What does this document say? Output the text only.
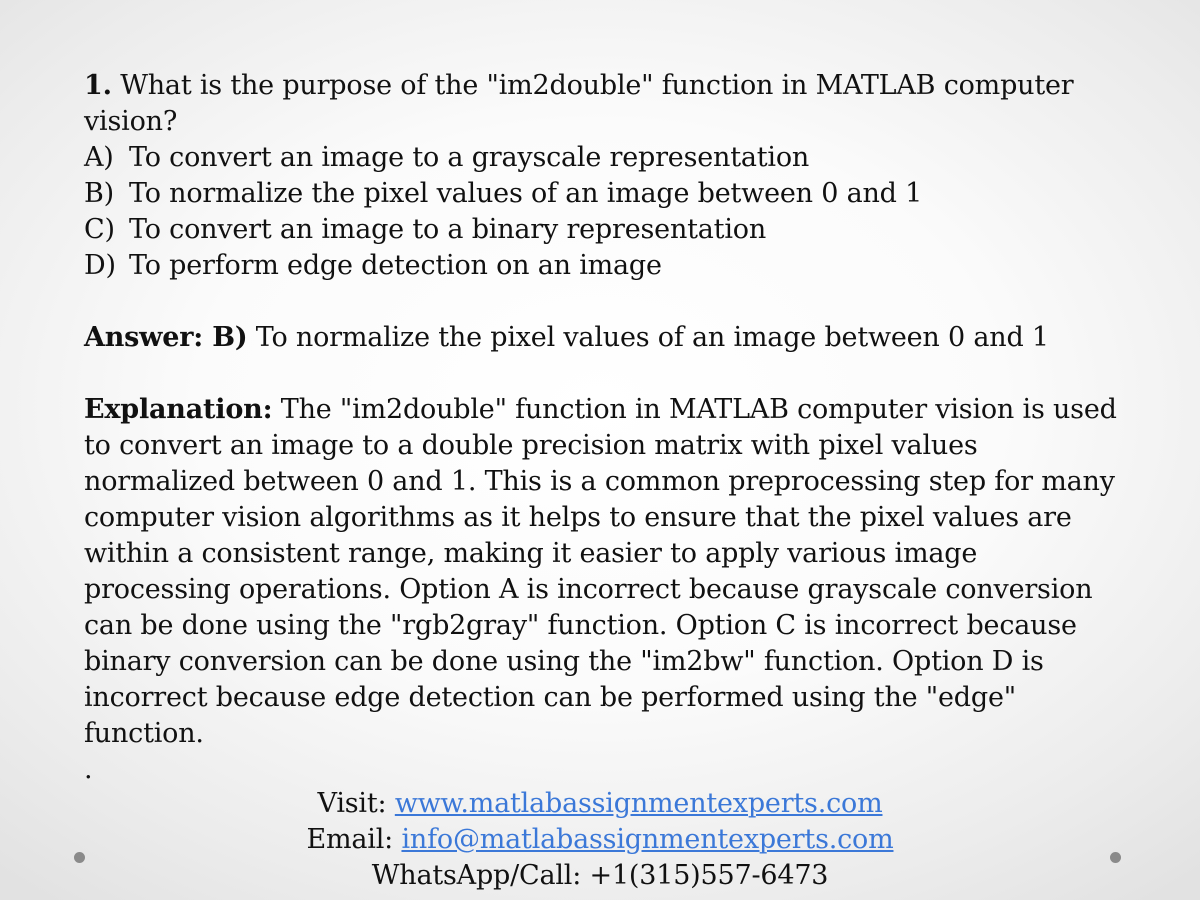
1. What is the purpose of the "im2double" function in MATLAB computer vision?
A) To convert an image to a grayscale representation
B) To normalize the pixel values of an image between 0 and 1
C) To convert an image to a binary representation
D) To perform edge detection on an image
Answer: B) To normalize the pixel values of an image between 0 and 1
Explanation: The "im2double" function in MATLAB computer vision is used to convert an image to a double precision matrix with pixel values normalized between 0 and 1. This is a common preprocessing step for many computer vision algorithms as it helps to ensure that the pixel values are within a consistent range, making it easier to apply various image processing operations. Option A is incorrect because grayscale conversion can be done using the "rgb2gray" function. Option C is incorrect because binary conversion can be done using the "im2bw" function. Option D is incorrect because edge detection can be performed using the "edge" function.
.
Visit: www.matlabassignmentexperts.com
Email: info@matlabassignmentexperts.com
WhatsApp/Call: +1(315)557-6473
